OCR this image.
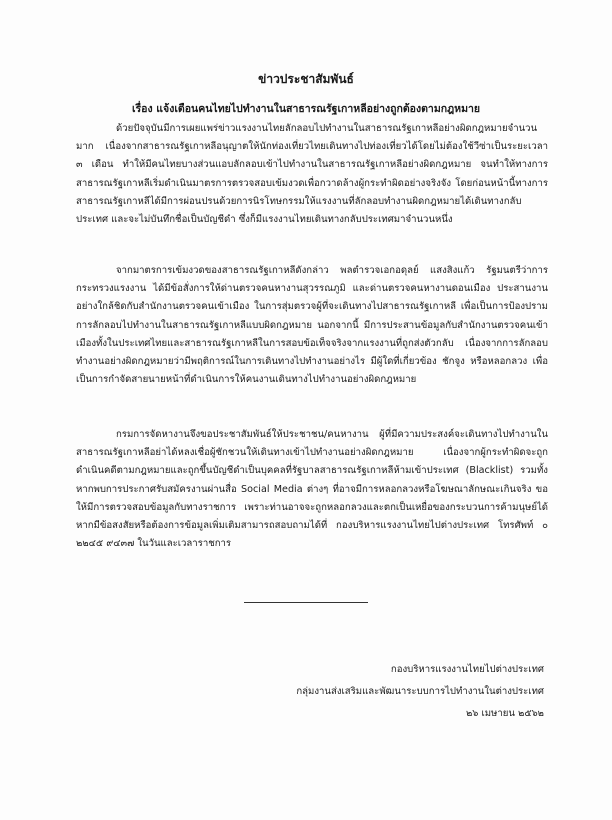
ข่าวประชาสัมพันธ์
เรื่อง แจ้งเตือนคนไทยไปทำงานในสาธารณรัฐเกาหลีอย่างถูกต้องตามกฎหมาย

ด้วยปัจจุบันมีการเผยแพร่ข่าวแรงงานไทยลักลอบไปทำงานในสาธารณรัฐเกาหลีอย่างผิดกฎหมายจำนวนมาก เนื่องจากสาธารณรัฐเกาหลีอนุญาตให้นักท่องเที่ยวไทยเดินทางไปท่องเที่ยวได้โดยไม่ต้องใช้วีซ่าเป็นระยะเวลา ๓ เดือน ทำให้มีคนไทยบางส่วนแอบลักลอบเข้าไปทำงานในสาธารณรัฐเกาหลีอย่างผิดกฎหมาย จนทำให้ทางการสาธารณรัฐเกาหลีเริ่มดำเนินมาตรการตรวจสอบเข้มงวดเพื่อกวาดล้างผู้กระทำผิดอย่างจริงจัง โดยก่อนหน้านี้ทางการสาธารณรัฐเกาหลีได้มีการผ่อนปรนด้วยการนิรโทษกรรมให้แรงงานที่ลักลอบทำงานผิดกฎหมายได้เดินทางกลับประเทศ และจะไม่บันทึกชื่อเป็นบัญชีดำ ซึ่งก็มีแรงงานไทยเดินทางกลับประเทศมาจำนวนหนึ่ง

จากมาตรการเข้มงวดของสาธารณรัฐเกาหลีดังกล่าว พลตำรวจเอกอดุลย์ แสงสิงแก้ว รัฐมนตรีว่าการกระทรวงแรงงาน ได้มีข้อสั่งการให้ด่านตรวจคนหางานสุวรรณภูมิ และด่านตรวจคนหางานดอนเมือง ประสานงานอย่างใกล้ชิดกับสำนักงานตรวจคนเข้าเมือง ในการสุ่มตรวจผู้ที่จะเดินทางไปสาธารณรัฐเกาหลี เพื่อเป็นการป้องปรามการลักลอบไปทำงานในสาธารณรัฐเกาหลีแบบผิดกฎหมาย นอกจากนี้ มีการประสานข้อมูลกับสำนักงานตรวจคนเข้าเมืองทั้งในประเทศไทยและสาธารณรัฐเกาหลีในการสอบข้อเท็จจริงจากแรงงานที่ถูกส่งตัวกลับ เนื่องจากการลักลอบทำงานอย่างผิดกฎหมายว่ามีพฤติการณ์ในการเดินทางไปทำงานอย่างไร มีผู้ใดที่เกี่ยวข้อง ชักจูง หรือหลอกลวง เพื่อเป็นการกำจัดสายนายหน้าที่ดำเนินการให้คนงานเดินทางไปทำงานอย่างผิดกฎหมาย

กรมการจัดหางานจึงขอประชาสัมพันธ์ให้ประชาชน/คนหางาน ผู้ที่มีความประสงค์จะเดินทางไปทำงานในสาธารณรัฐเกาหลีอย่าได้หลงเชื่อผู้ชักชวนให้เดินทางเข้าไปทำงานอย่างผิดกฎหมาย เนื่องจากผู้กระทำผิดจะถูกดำเนินคดีตามกฎหมายและถูกขึ้นบัญชีดำเป็นบุคคลที่รัฐบาลสาธารณรัฐเกาหลีห้ามเข้าประเทศ (Blacklist) รวมทั้งหากพบการประกาศรับสมัครงานผ่านสื่อ Social Media ต่างๆ ที่อาจมีการหลอกลวงหรือโฆษณาลักษณะเกินจริง ขอให้มีการตรวจสอบข้อมูลกับทางราชการ เพราะท่านอาจจะถูกหลอกลวงและตกเป็นเหยื่อของกระบวนการค้ามนุษย์ได้ หากมีข้อสงสัยหรือต้องการข้อมูลเพิ่มเติมสามารถสอบถามได้ที่ กองบริหารแรงงานไทยไปต่างประเทศ โทรศัพท์ ๐ ๒๒๔๕ ๙๔๓๗ ในวันและเวลาราชการ

กองบริหารแรงงานไทยไปต่างประเทศ
กลุ่มงานส่งเสริมและพัฒนาระบบการไปทำงานในต่างประเทศ
๒๖ เมษายน ๒๕๖๒
